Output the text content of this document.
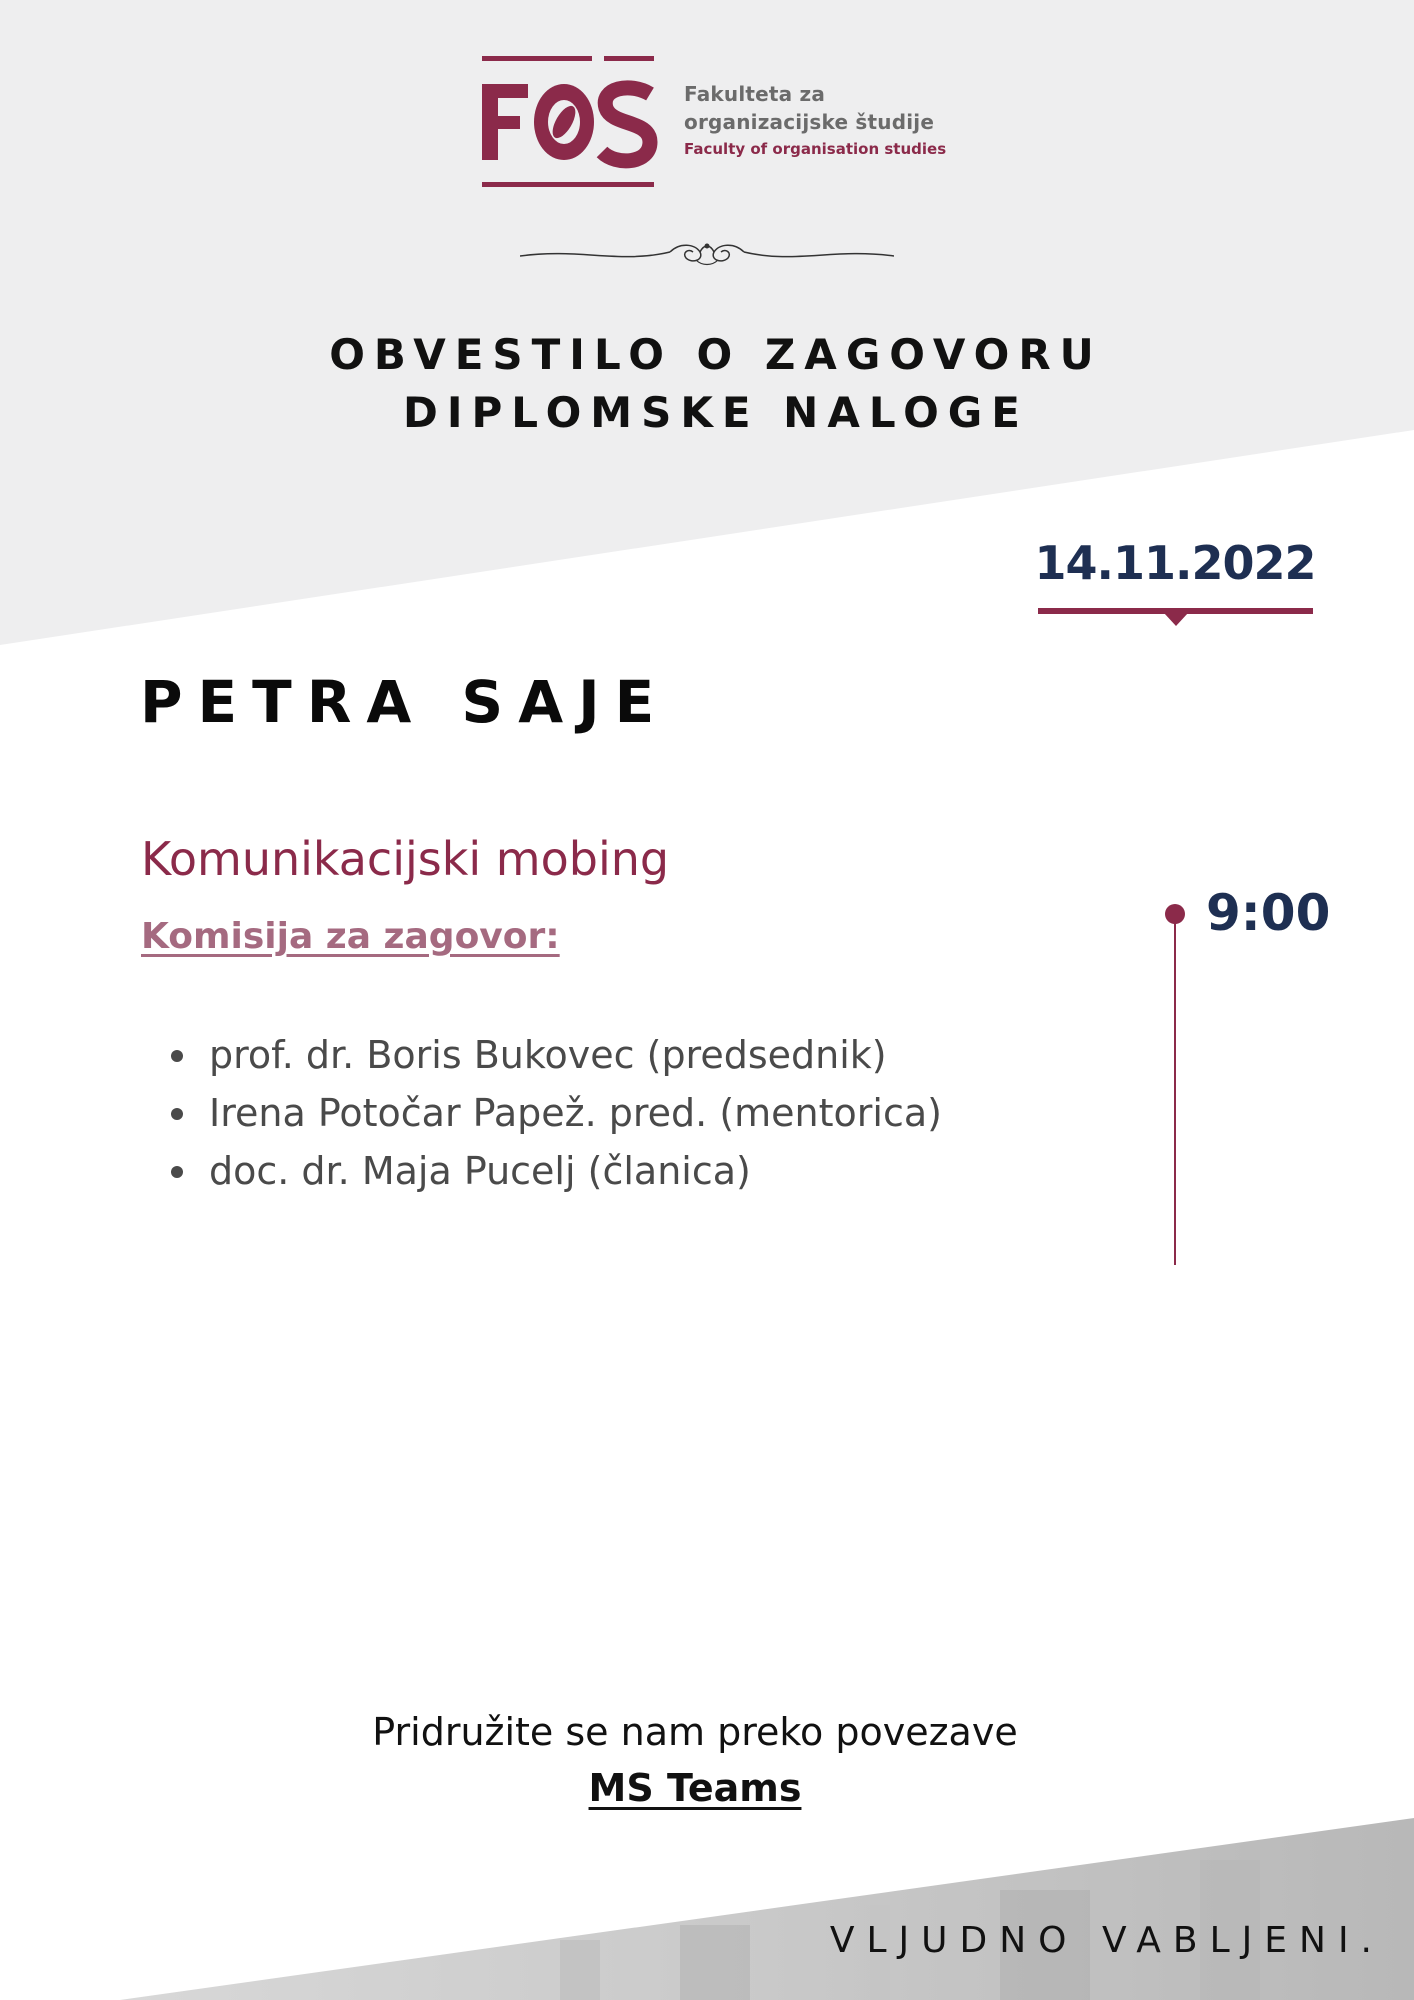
Fakulteta za
organizacijske študije
Faculty of organisation studies
OBVESTILO O ZAGOVORU
DIPLOMSKE NALOGE
14.11.2022
PETRA SAJE
Komunikacijski mobing
Komisija za zagovor:
prof. dr. Boris Bukovec (predsednik)
Irena Potočar Papež. pred. (mentorica)
doc. dr. Maja Pucelj (članica)
9:00
Pridružite se nam preko povezave
MS Teams
VLJUDNO VABLJENI.
